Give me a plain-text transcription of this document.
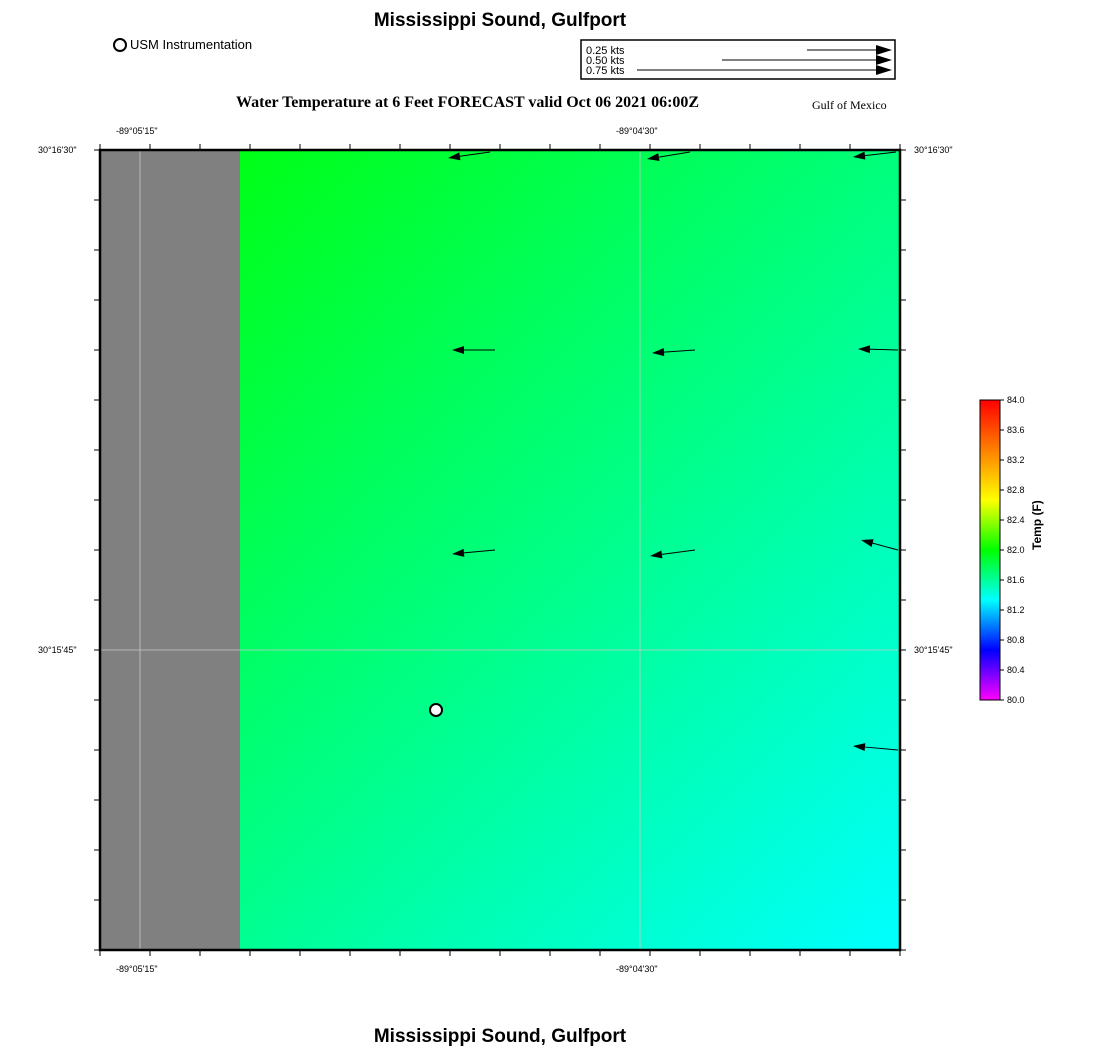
Mississippi Sound, Gulfport
USM Instrumentation	0.25 kts
0.50 kts
0.75 kts
Water Temperature at 6 Feet FORECAST valid Oct 06 2021 06:00Z	Gulf of Mexico
-89°05'15"	-89°04'30"
-89°05'15"	-89°04'30"
30°16'30"
30°15'45"
30°16'30"
30°15'45"
84.0
83.6
83.2
82.8
82.4
82.0
81.6
81.2
80.8
80.4
80.0
Temp (F)
Mississippi Sound, Gulfport
